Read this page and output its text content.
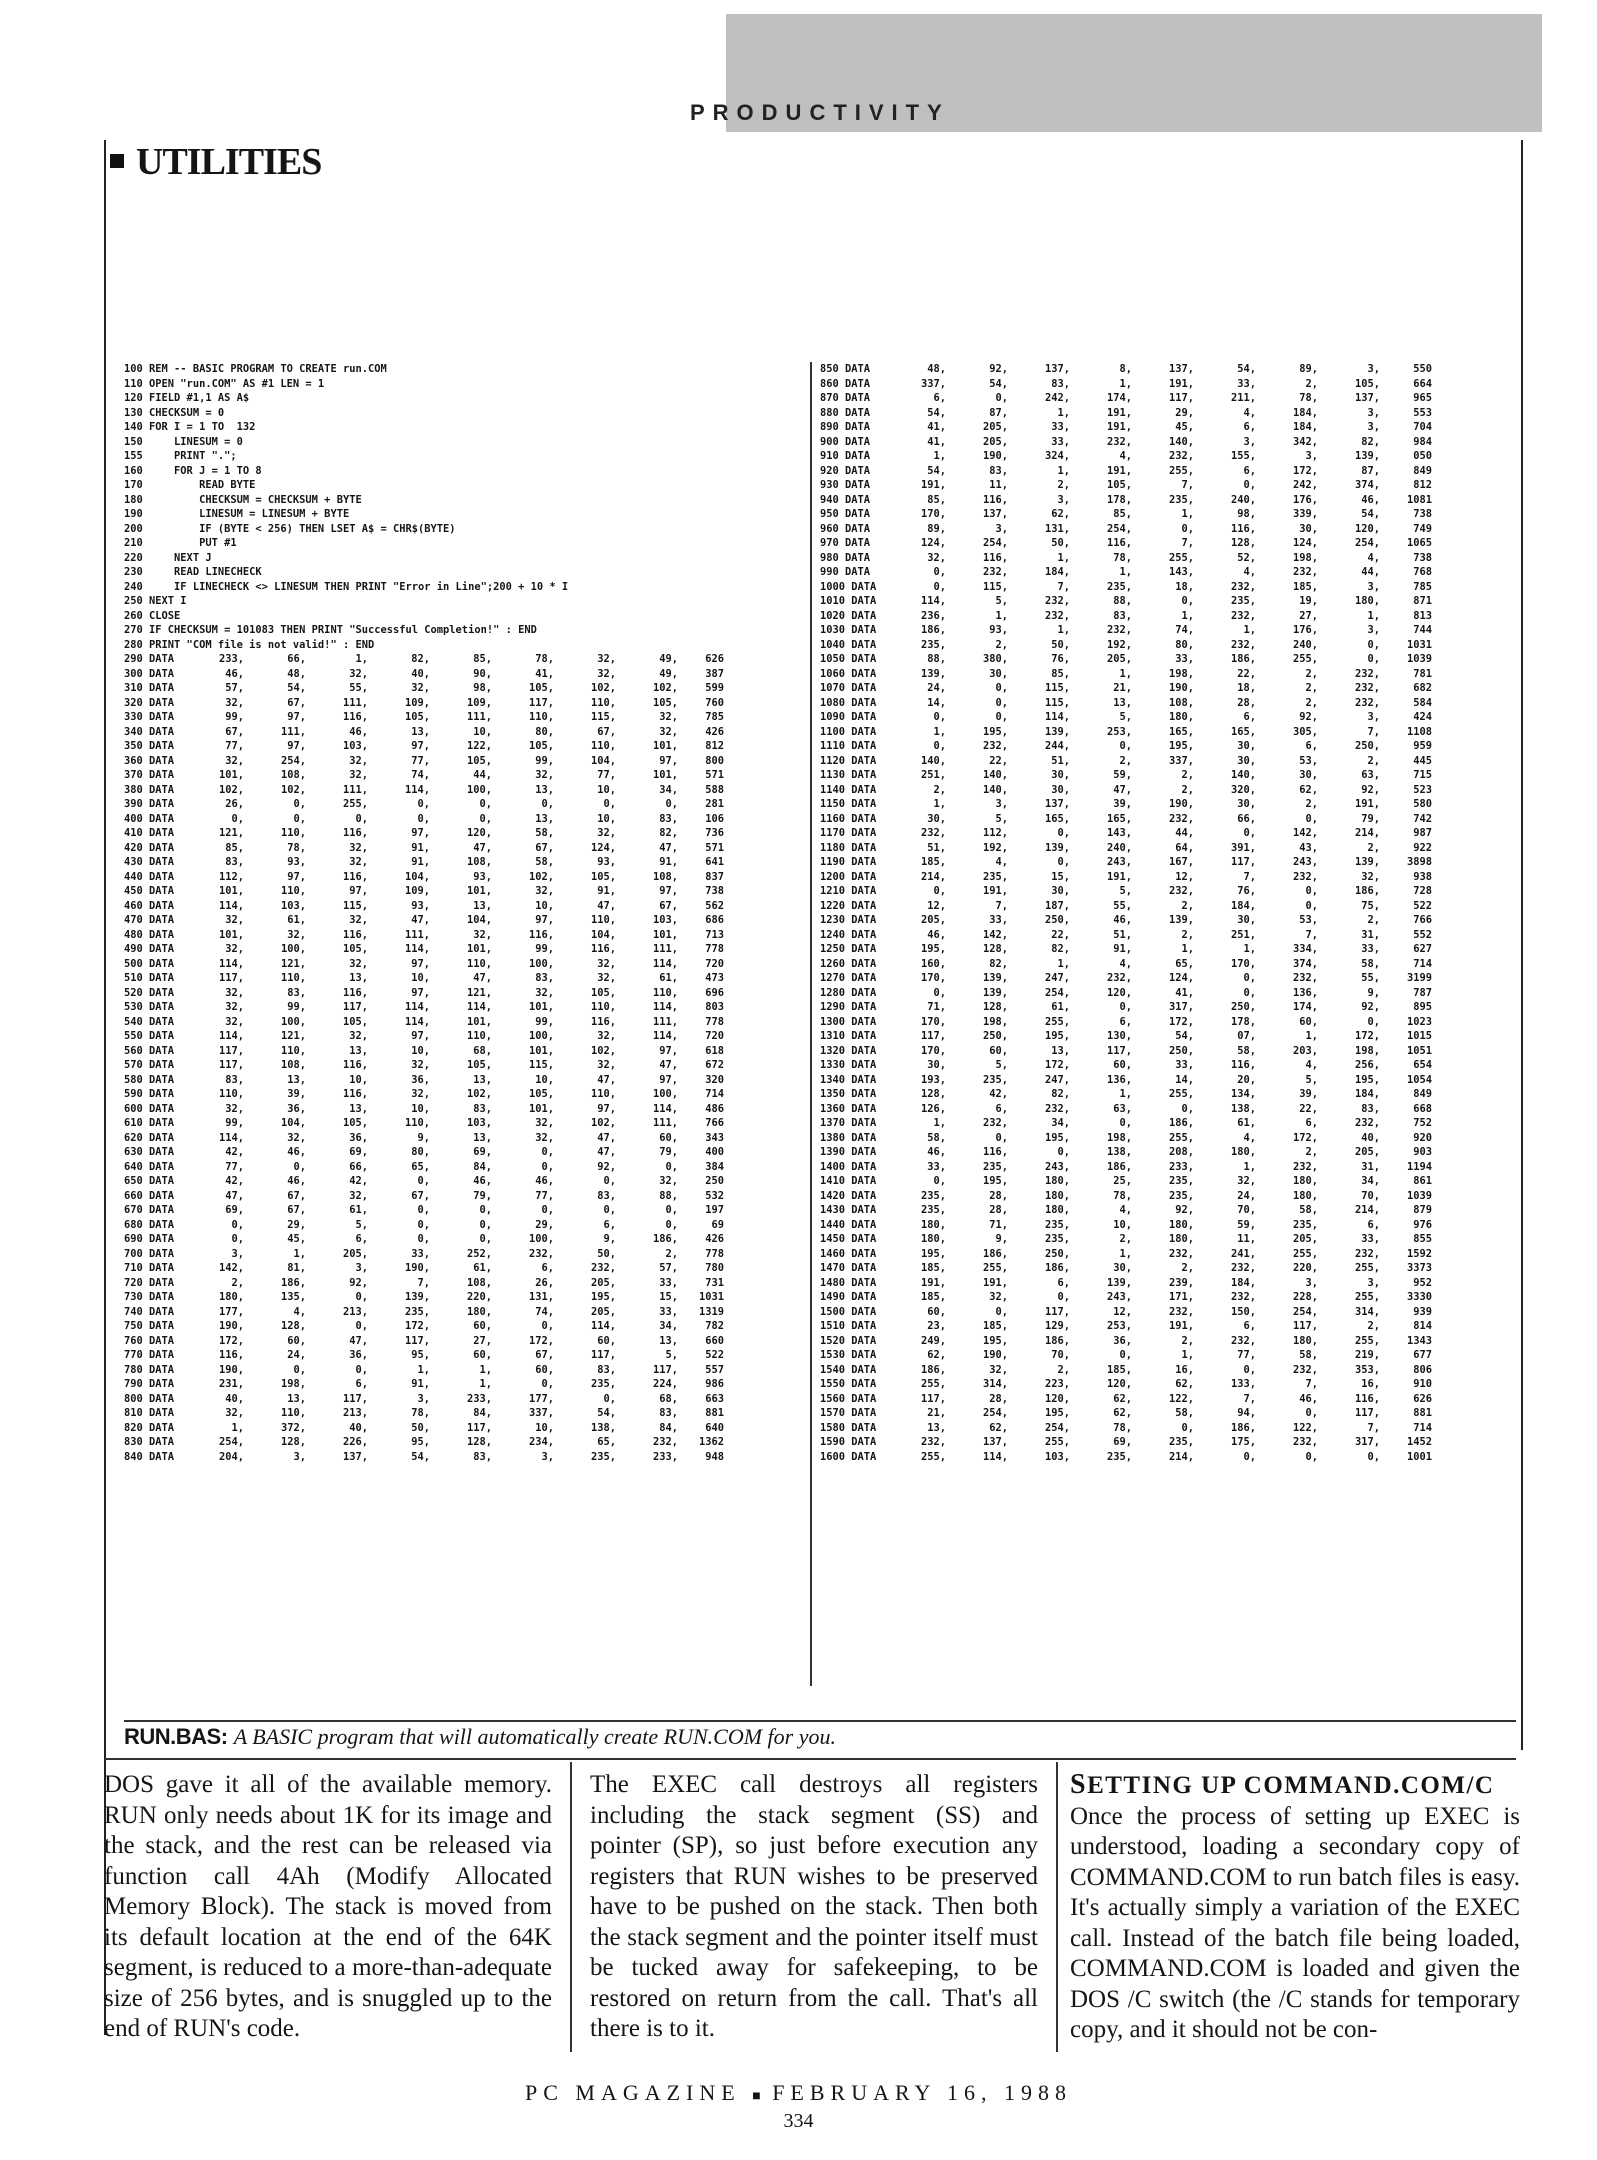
PRODUCTIVITY
UTILITIES
100 REM -- BASIC PROGRAM TO CREATE run.COM
110 OPEN "run.COM" AS #1 LEN = 1
120 FIELD #1,1 AS A$
130 CHECKSUM = 0
140 FOR I = 1 TO  132
150     LINESUM = 0
155     PRINT ".";
160     FOR J = 1 TO 8
170         READ BYTE
180         CHECKSUM = CHECKSUM + BYTE
190         LINESUM = LINESUM + BYTE
200         IF (BYTE < 256) THEN LSET A$ = CHR$(BYTE)
210         PUT #1
220     NEXT J
230     READ LINECHECK
240     IF LINECHECK <> LINESUM THEN PRINT "Error in Line";200 + 10 * I
250 NEXT I
260 CLOSE
270 IF CHECKSUM = 101083 THEN PRINT "Successful Completion!" : END
280 PRINT "COM file is not valid!" : END
290 DATA	233,	66,	1,	82,	85,	78,	32,	49,	626
300 DATA	46,	48,	32,	40,	90,	41,	32,	49,	387
310 DATA	57,	54,	55,	32,	98,	105,	102,	102,	599
320 DATA	32,	67,	111,	109,	109,	117,	110,	105,	760
330 DATA	99,	97,	116,	105,	111,	110,	115,	32,	785
340 DATA	67,	111,	46,	13,	10,	80,	67,	32,	426
350 DATA	77,	97,	103,	97,	122,	105,	110,	101,	812
360 DATA	32,	254,	32,	77,	105,	99,	104,	97,	800
370 DATA	101,	108,	32,	74,	44,	32,	77,	101,	571
380 DATA	102,	102,	111,	114,	100,	13,	10,	34,	588
390 DATA	26,	0,	255,	0,	0,	0,	0,	0,	281
400 DATA	0,	0,	0,	0,	0,	13,	10,	83,	106
410 DATA	121,	110,	116,	97,	120,	58,	32,	82,	736
420 DATA	85,	78,	32,	91,	47,	67,	124,	47,	571
430 DATA	83,	93,	32,	91,	108,	58,	93,	91,	641
440 DATA	112,	97,	116,	104,	93,	102,	105,	108,	837
450 DATA	101,	110,	97,	109,	101,	32,	91,	97,	738
460 DATA	114,	103,	115,	93,	13,	10,	47,	67,	562
470 DATA	32,	61,	32,	47,	104,	97,	110,	103,	686
480 DATA	101,	32,	116,	111,	32,	116,	104,	101,	713
490 DATA	32,	100,	105,	114,	101,	99,	116,	111,	778
500 DATA	114,	121,	32,	97,	110,	100,	32,	114,	720
510 DATA	117,	110,	13,	10,	47,	83,	32,	61,	473
520 DATA	32,	83,	116,	97,	121,	32,	105,	110,	696
530 DATA	32,	99,	117,	114,	114,	101,	110,	114,	803
540 DATA	32,	100,	105,	114,	101,	99,	116,	111,	778
550 DATA	114,	121,	32,	97,	110,	100,	32,	114,	720
560 DATA	117,	110,	13,	10,	68,	101,	102,	97,	618
570 DATA	117,	108,	116,	32,	105,	115,	32,	47,	672
580 DATA	83,	13,	10,	36,	13,	10,	47,	97,	320
590 DATA	110,	39,	116,	32,	102,	105,	110,	100,	714
600 DATA	32,	36,	13,	10,	83,	101,	97,	114,	486
610 DATA	99,	104,	105,	110,	103,	32,	102,	111,	766
620 DATA	114,	32,	36,	9,	13,	32,	47,	60,	343
630 DATA	42,	46,	69,	80,	69,	0,	47,	79,	400
640 DATA	77,	0,	66,	65,	84,	0,	92,	0,	384
650 DATA	42,	46,	42,	0,	46,	46,	0,	32,	250
660 DATA	47,	67,	32,	67,	79,	77,	83,	88,	532
670 DATA	69,	67,	61,	0,	0,	0,	0,	0,	197
680 DATA	0,	29,	5,	0,	0,	29,	6,	0,	69
690 DATA	0,	45,	6,	0,	0,	100,	9,	186,	426
700 DATA	3,	1,	205,	33,	252,	232,	50,	2,	778
710 DATA	142,	81,	3,	190,	61,	6,	232,	57,	780
720 DATA	2,	186,	92,	7,	108,	26,	205,	33,	731
730 DATA	180,	135,	0,	139,	220,	131,	195,	15,	1031
740 DATA	177,	4,	213,	235,	180,	74,	205,	33,	1319
750 DATA	190,	128,	0,	172,	60,	0,	114,	34,	782
760 DATA	172,	60,	47,	117,	27,	172,	60,	13,	660
770 DATA	116,	24,	36,	95,	60,	67,	117,	5,	522
780 DATA	190,	0,	0,	1,	1,	60,	83,	117,	557
790 DATA	231,	198,	6,	91,	1,	0,	235,	224,	986
800 DATA	40,	13,	117,	3,	233,	177,	0,	68,	663
810 DATA	32,	110,	213,	78,	84,	337,	54,	83,	881
820 DATA	1,	372,	40,	50,	117,	10,	138,	84,	640
830 DATA	254,	128,	226,	95,	128,	234,	65,	232,	1362
840 DATA	204,	3,	137,	54,	83,	3,	235,	233,	948
850 DATA	48,	92,	137,	8,	137,	54,	89,	3,	550
860 DATA	337,	54,	83,	1,	191,	33,	2,	105,	664
870 DATA	6,	0,	242,	174,	117,	211,	78,	137,	965
880 DATA	54,	87,	1,	191,	29,	4,	184,	3,	553
890 DATA	41,	205,	33,	191,	45,	6,	184,	3,	704
900 DATA	41,	205,	33,	232,	140,	3,	342,	82,	984
910 DATA	1,	190,	324,	4,	232,	155,	3,	139,	050
920 DATA	54,	83,	1,	191,	255,	6,	172,	87,	849
930 DATA	191,	11,	2,	105,	7,	0,	242,	374,	812
940 DATA	85,	116,	3,	178,	235,	240,	176,	46,	1081
950 DATA	170,	137,	62,	85,	1,	98,	339,	54,	738
960 DATA	89,	3,	131,	254,	0,	116,	30,	120,	749
970 DATA	124,	254,	50,	116,	7,	128,	124,	254,	1065
980 DATA	32,	116,	1,	78,	255,	52,	198,	4,	738
990 DATA	0,	232,	184,	1,	143,	4,	232,	44,	768
1000 DATA	0,	115,	7,	235,	18,	232,	185,	3,	785
1010 DATA	114,	5,	232,	88,	0,	235,	19,	180,	871
1020 DATA	236,	1,	232,	83,	1,	232,	27,	1,	813
1030 DATA	186,	93,	1,	232,	74,	1,	176,	3,	744
1040 DATA	235,	2,	50,	192,	80,	232,	240,	0,	1031
1050 DATA	88,	380,	76,	205,	33,	186,	255,	0,	1039
1060 DATA	139,	30,	85,	1,	198,	22,	2,	232,	781
1070 DATA	24,	0,	115,	21,	190,	18,	2,	232,	682
1080 DATA	14,	0,	115,	13,	108,	28,	2,	232,	584
1090 DATA	0,	0,	114,	5,	180,	6,	92,	3,	424
1100 DATA	1,	195,	139,	253,	165,	165,	305,	7,	1108
1110 DATA	0,	232,	244,	0,	195,	30,	6,	250,	959
1120 DATA	140,	22,	51,	2,	337,	30,	53,	2,	445
1130 DATA	251,	140,	30,	59,	2,	140,	30,	63,	715
1140 DATA	2,	140,	30,	47,	2,	320,	62,	92,	523
1150 DATA	1,	3,	137,	39,	190,	30,	2,	191,	580
1160 DATA	30,	5,	165,	165,	232,	66,	0,	79,	742
1170 DATA	232,	112,	0,	143,	44,	0,	142,	214,	987
1180 DATA	51,	192,	139,	240,	64,	391,	43,	2,	922
1190 DATA	185,	4,	0,	243,	167,	117,	243,	139,	3898
1200 DATA	214,	235,	15,	191,	12,	7,	232,	32,	938
1210 DATA	0,	191,	30,	5,	232,	76,	0,	186,	728
1220 DATA	12,	7,	187,	55,	2,	184,	0,	75,	522
1230 DATA	205,	33,	250,	46,	139,	30,	53,	2,	766
1240 DATA	46,	142,	22,	51,	2,	251,	7,	31,	552
1250 DATA	195,	128,	82,	91,	1,	1,	334,	33,	627
1260 DATA	160,	82,	1,	4,	65,	170,	374,	58,	714
1270 DATA	170,	139,	247,	232,	124,	0,	232,	55,	3199
1280 DATA	0,	139,	254,	120,	41,	0,	136,	9,	787
1290 DATA	71,	128,	61,	0,	317,	250,	174,	92,	895
1300 DATA	170,	198,	255,	6,	172,	178,	60,	0,	1023
1310 DATA	117,	250,	195,	130,	54,	07,	1,	172,	1015
1320 DATA	170,	60,	13,	117,	250,	58,	203,	198,	1051
1330 DATA	30,	5,	172,	60,	33,	116,	4,	256,	654
1340 DATA	193,	235,	247,	136,	14,	20,	5,	195,	1054
1350 DATA	128,	42,	82,	1,	255,	134,	39,	184,	849
1360 DATA	126,	6,	232,	63,	0,	138,	22,	83,	668
1370 DATA	1,	232,	34,	0,	186,	61,	6,	232,	752
1380 DATA	58,	0,	195,	198,	255,	4,	172,	40,	920
1390 DATA	46,	116,	0,	138,	208,	180,	2,	205,	903
1400 DATA	33,	235,	243,	186,	233,	1,	232,	31,	1194
1410 DATA	0,	195,	180,	25,	235,	32,	180,	34,	861
1420 DATA	235,	28,	180,	78,	235,	24,	180,	70,	1039
1430 DATA	235,	28,	180,	4,	92,	70,	58,	214,	879
1440 DATA	180,	71,	235,	10,	180,	59,	235,	6,	976
1450 DATA	180,	9,	235,	2,	180,	11,	205,	33,	855
1460 DATA	195,	186,	250,	1,	232,	241,	255,	232,	1592
1470 DATA	185,	255,	186,	30,	2,	232,	220,	255,	3373
1480 DATA	191,	191,	6,	139,	239,	184,	3,	3,	952
1490 DATA	185,	32,	0,	243,	171,	232,	228,	255,	3330
1500 DATA	60,	0,	117,	12,	232,	150,	254,	314,	939
1510 DATA	23,	185,	129,	253,	191,	6,	117,	2,	814
1520 DATA	249,	195,	186,	36,	2,	232,	180,	255,	1343
1530 DATA	62,	190,	70,	0,	1,	77,	58,	219,	677
1540 DATA	186,	32,	2,	185,	16,	0,	232,	353,	806
1550 DATA	255,	314,	223,	120,	62,	133,	7,	16,	910
1560 DATA	117,	28,	120,	62,	122,	7,	46,	116,	626
1570 DATA	21,	254,	195,	62,	58,	94,	0,	117,	881
1580 DATA	13,	62,	254,	78,	0,	186,	122,	7,	714
1590 DATA	232,	137,	255,	69,	235,	175,	232,	317,	1452
1600 DATA	255,	114,	103,	235,	214,	0,	0,	0,	1001
RUN.BAS: A BASIC program that will automatically create RUN.COM for you.
DOS gave it all of the available memory. RUN only needs about 1K for its image and the stack, and the rest can be released via function call 4Ah (Modify Allocated Memory Block). The stack is moved from its default location at the end of the 64K segment, is reduced to a more-than-adequate size of 256 bytes, and is snuggled up to the end of RUN's code.
The EXEC call destroys all registers including the stack segment (SS) and pointer (SP), so just before execution any registers that RUN wishes to be preserved have to be pushed on the stack. Then both the stack segment and the pointer itself must be tucked away for safekeeping, to be restored on return from the call. That's all there is to it.
SETTING UP COMMAND.COM/C
Once the process of setting up EXEC is understood, loading a secondary copy of COMMAND.COM to run batch files is easy. It's actually simply a variation of the EXEC call. Instead of the batch file being loaded, COMMAND.COM is loaded and given the DOS /C switch (the /C stands for temporary copy, and it should not be con-
PC MAGAZINE ■ FEBRUARY 16, 1988
334
